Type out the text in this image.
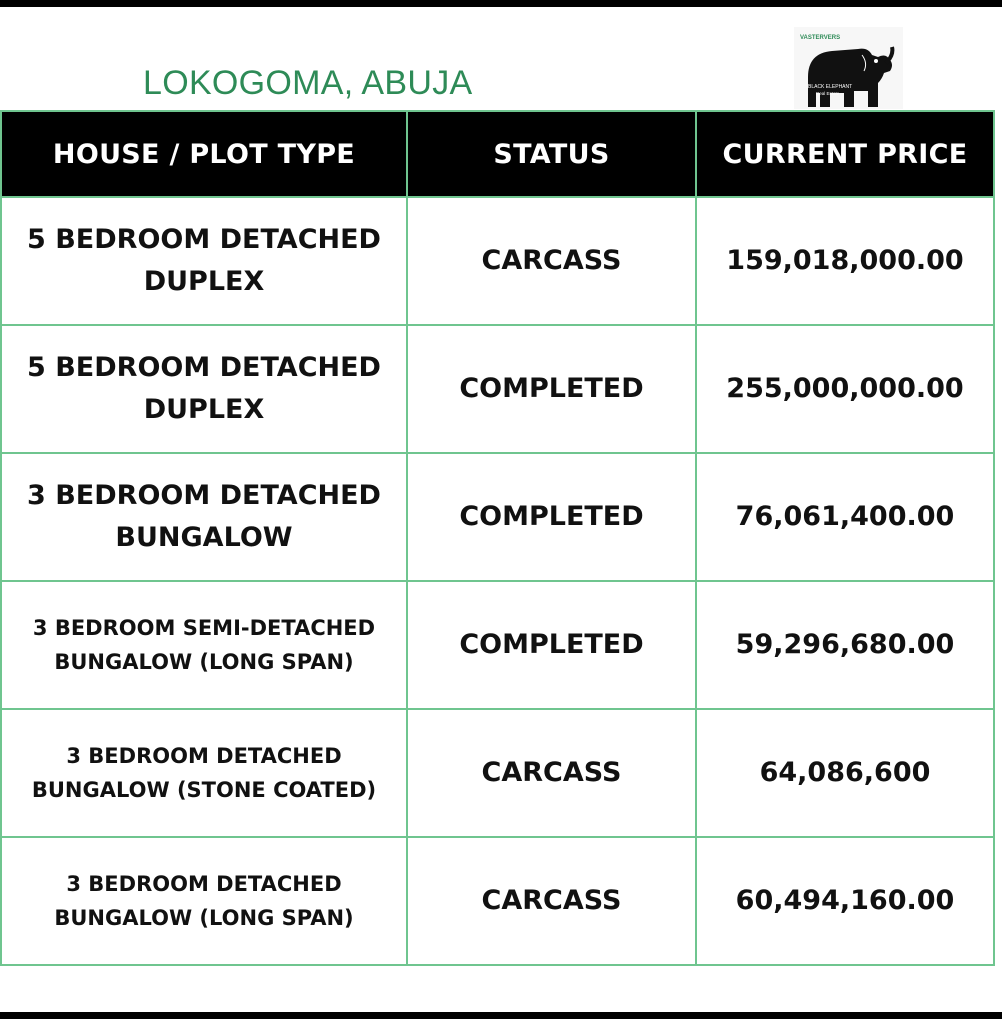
LOKOGOMA, ABUJA
VASTERVERS
BLACK ELEPHANT
Real Estate
HOUSE / PLOT TYPE	STATUS	CURRENT PRICE
5 BEDROOM DETACHED DUPLEX	CARCASS	159,018,000.00
5 BEDROOM DETACHED DUPLEX	COMPLETED	255,000,000.00
3 BEDROOM DETACHED BUNGALOW	COMPLETED	76,061,400.00
3 BEDROOM SEMI-DETACHED BUNGALOW (LONG SPAN)	COMPLETED	59,296,680.00
3 BEDROOM DETACHED BUNGALOW (STONE COATED)	CARCASS	64,086,600
3 BEDROOM DETACHED BUNGALOW (LONG SPAN)	CARCASS	60,494,160.00
